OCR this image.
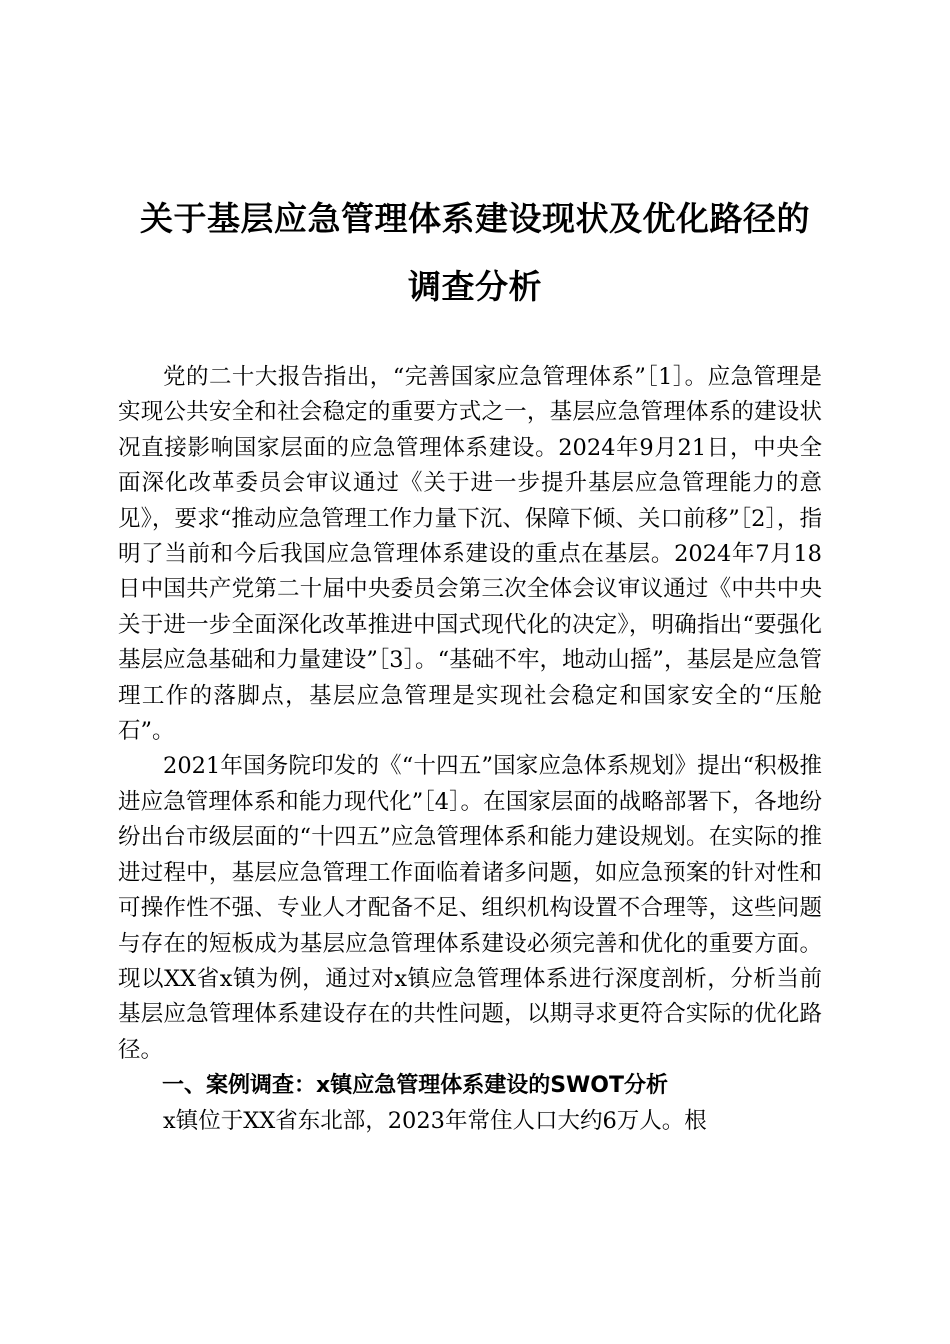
关于基层应急管理体系建设现状及优化路径的
调查分析

党的二十大报告指出，“完善国家应急管理体系”［1］。应急管理是实现公共安全和社会稳定的重要方式之一，基层应急管理体系的建设状况直接影响国家层面的应急管理体系建设。2024年9月21日，中央全面深化改革委员会审议通过《关于进一步提升基层应急管理能力的意见》，要求“推动应急管理工作力量下沉、保障下倾、关口前移”［2］，指明了当前和今后我国应急管理体系建设的重点在基层。2024年7月18日中国共产党第二十届中央委员会第三次全体会议审议通过《中共中央关于进一步全面深化改革推进中国式现代化的决定》，明确指出“要强化基层应急基础和力量建设”［3］。“基础不牢，地动山摇”，基层是应急管理工作的落脚点，基层应急管理是实现社会稳定和国家安全的“压舱石”。

2021年国务院印发的《“十四五”国家应急体系规划》提出“积极推进应急管理体系和能力现代化”［4］。在国家层面的战略部署下，各地纷纷出台市级层面的“十四五”应急管理体系和能力建设规划。在实际的推进过程中，基层应急管理工作面临着诸多问题，如应急预案的针对性和可操作性不强、专业人才配备不足、组织机构设置不合理等，这些问题与存在的短板成为基层应急管理体系建设必须完善和优化的重要方面。现以XX省x镇为例，通过对x镇应急管理体系进行深度剖析，分析当前基层应急管理体系建设存在的共性问题，以期寻求更符合实际的优化路径。

一、案例调查：x镇应急管理体系建设的SWOT分析

x镇位于XX省东北部，2023年常住人口大约6万人。根
